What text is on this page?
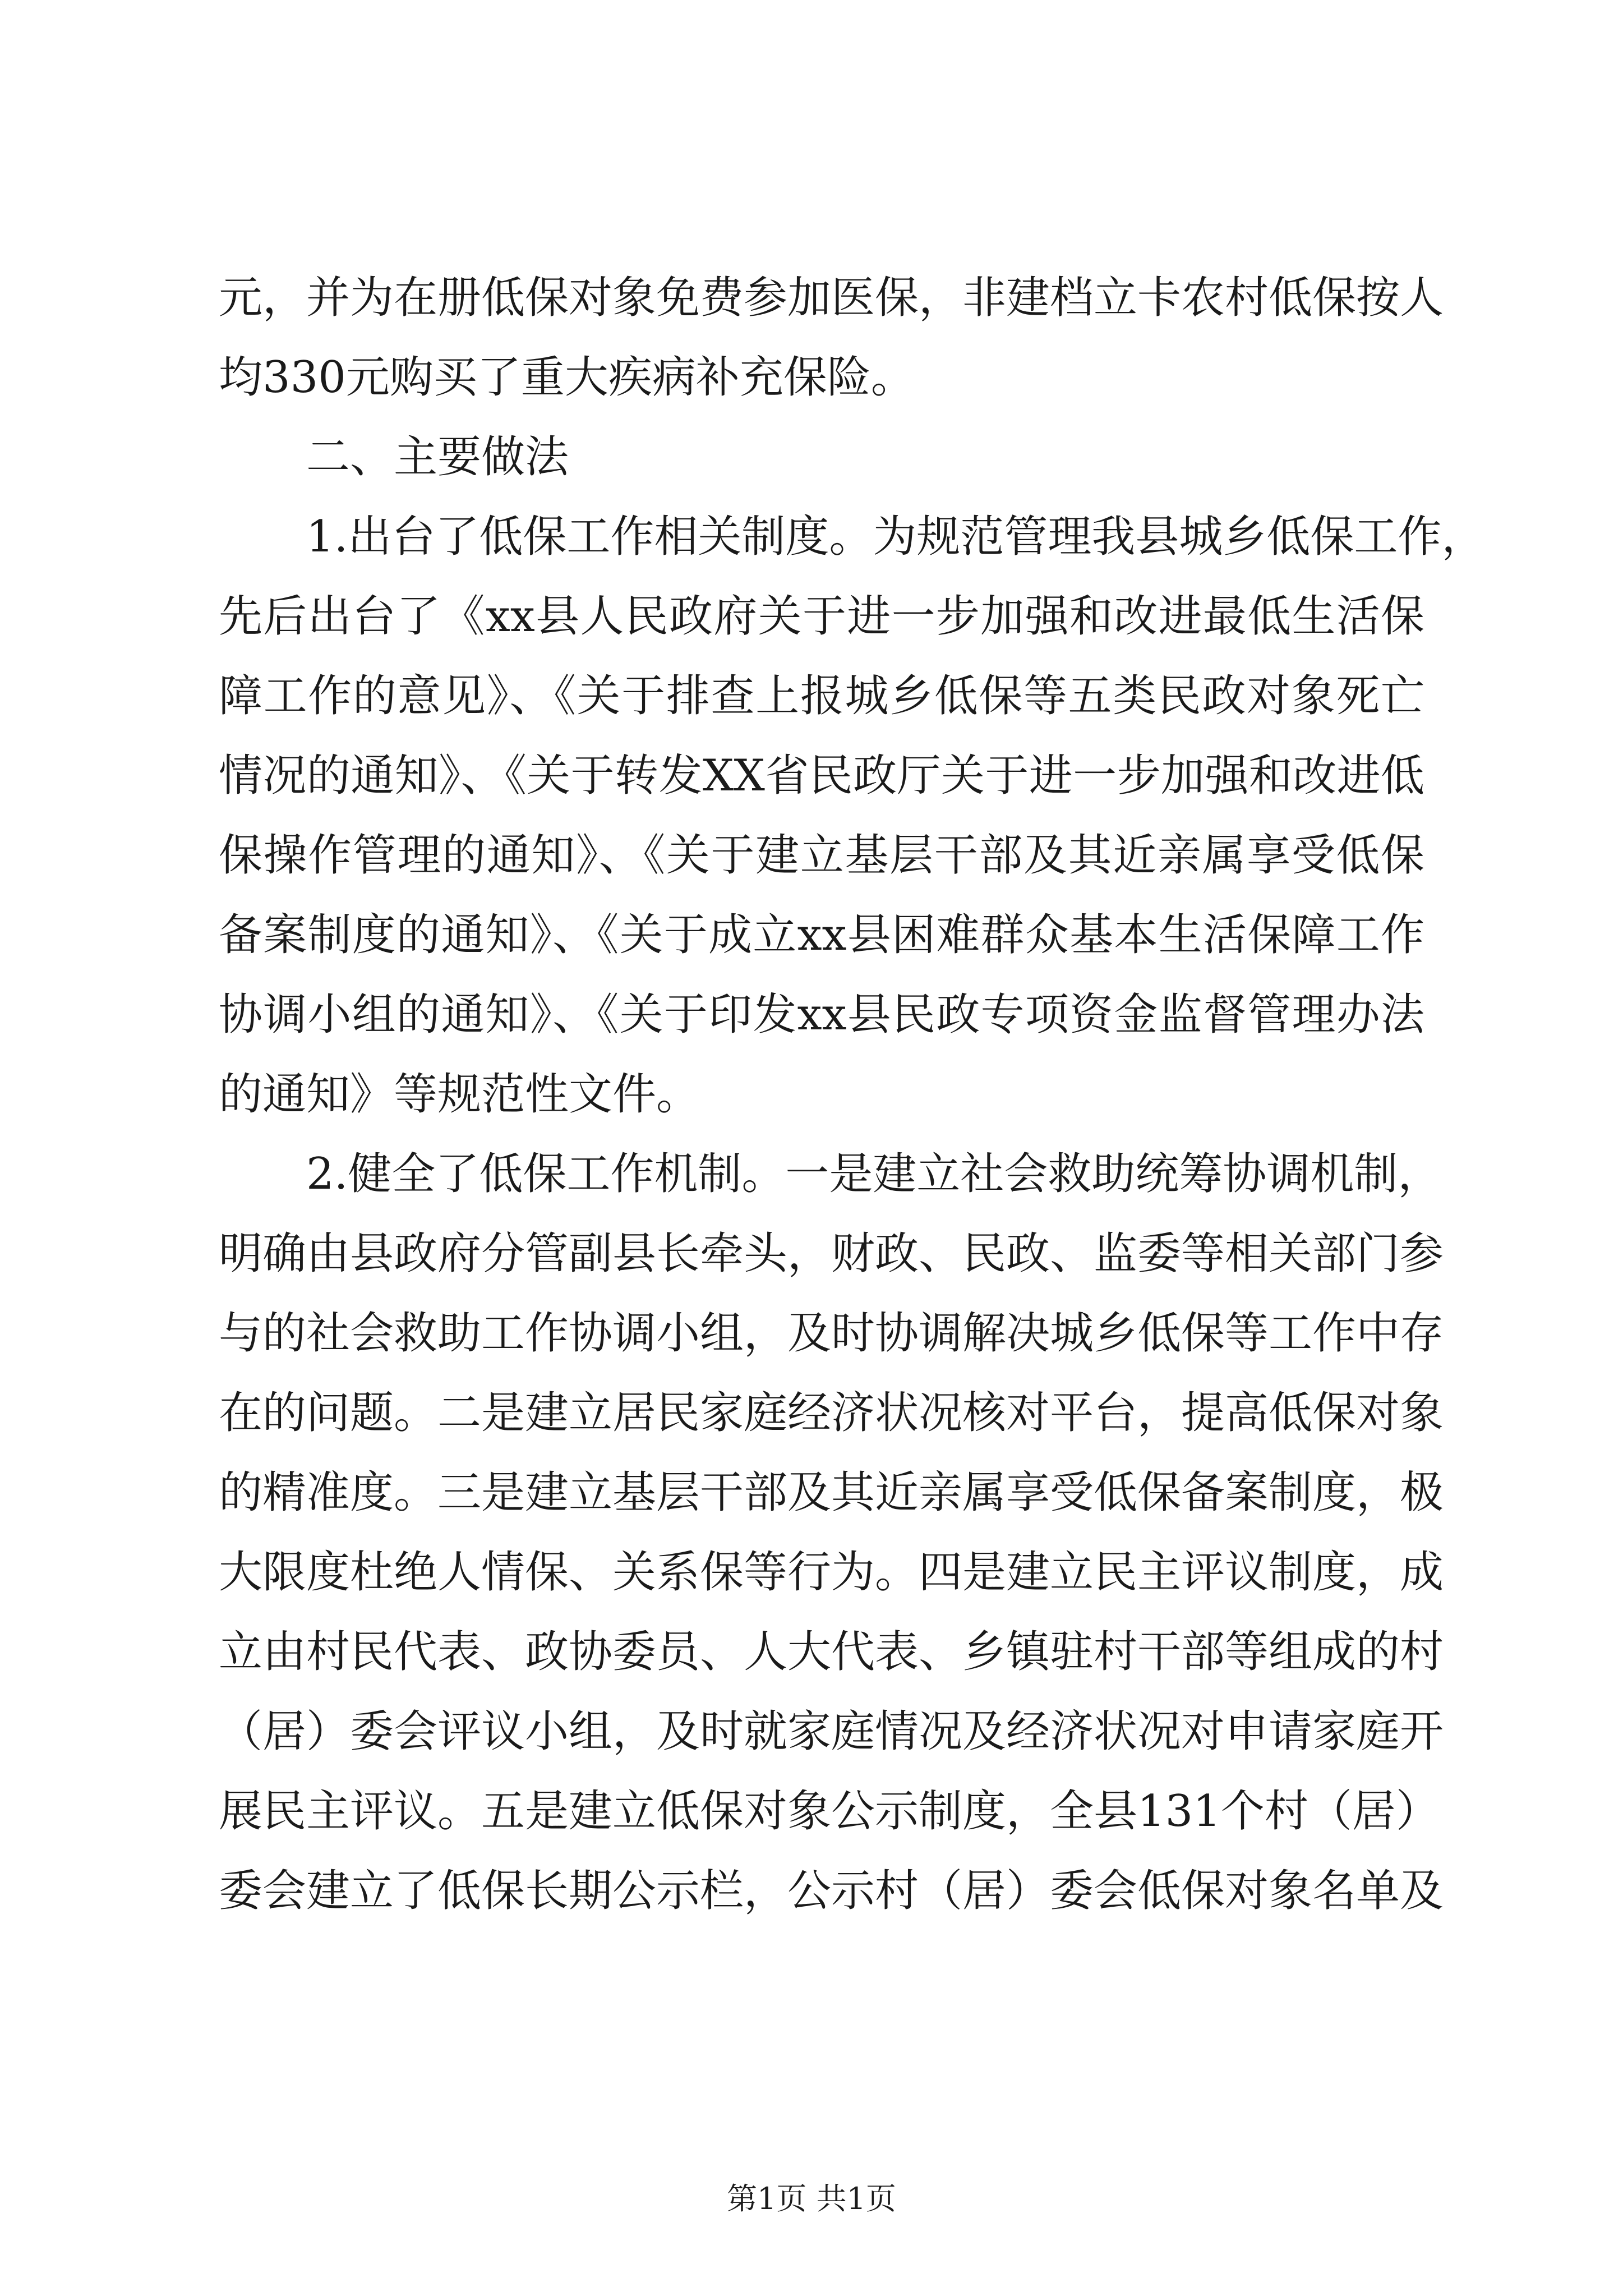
元，并为在册低保对象免费参加医保，非建档立卡农村低保按人
均330元购买了重大疾病补充保险。
二、主要做法
1.出台了低保工作相关制度。为规范管理我县城乡低保工作，
先后出台了《xx县人民政府关于进一步加强和改进最低生活保
障工作的意见》、《关于排查上报城乡低保等五类民政对象死亡
情况的通知》、《关于转发XX省民政厅关于进一步加强和改进低
保操作管理的通知》、《关于建立基层干部及其近亲属享受低保
备案制度的通知》、《关于成立xx县困难群众基本生活保障工作
协调小组的通知》、《关于印发xx县民政专项资金监督管理办法
的通知》等规范性文件。
2.健全了低保工作机制。一是建立社会救助统筹协调机制，
明确由县政府分管副县长牵头，财政、民政、监委等相关部门参
与的社会救助工作协调小组，及时协调解决城乡低保等工作中存
在的问题。二是建立居民家庭经济状况核对平台，提高低保对象
的精准度。三是建立基层干部及其近亲属享受低保备案制度，极
大限度杜绝人情保、关系保等行为。四是建立民主评议制度，成
立由村民代表、政协委员、人大代表、乡镇驻村干部等组成的村
（居）委会评议小组，及时就家庭情况及经济状况对申请家庭开
展民主评议。五是建立低保对象公示制度，全县131个村（居）
委会建立了低保长期公示栏，公示村（居）委会低保对象名单及
第1页 共1页
